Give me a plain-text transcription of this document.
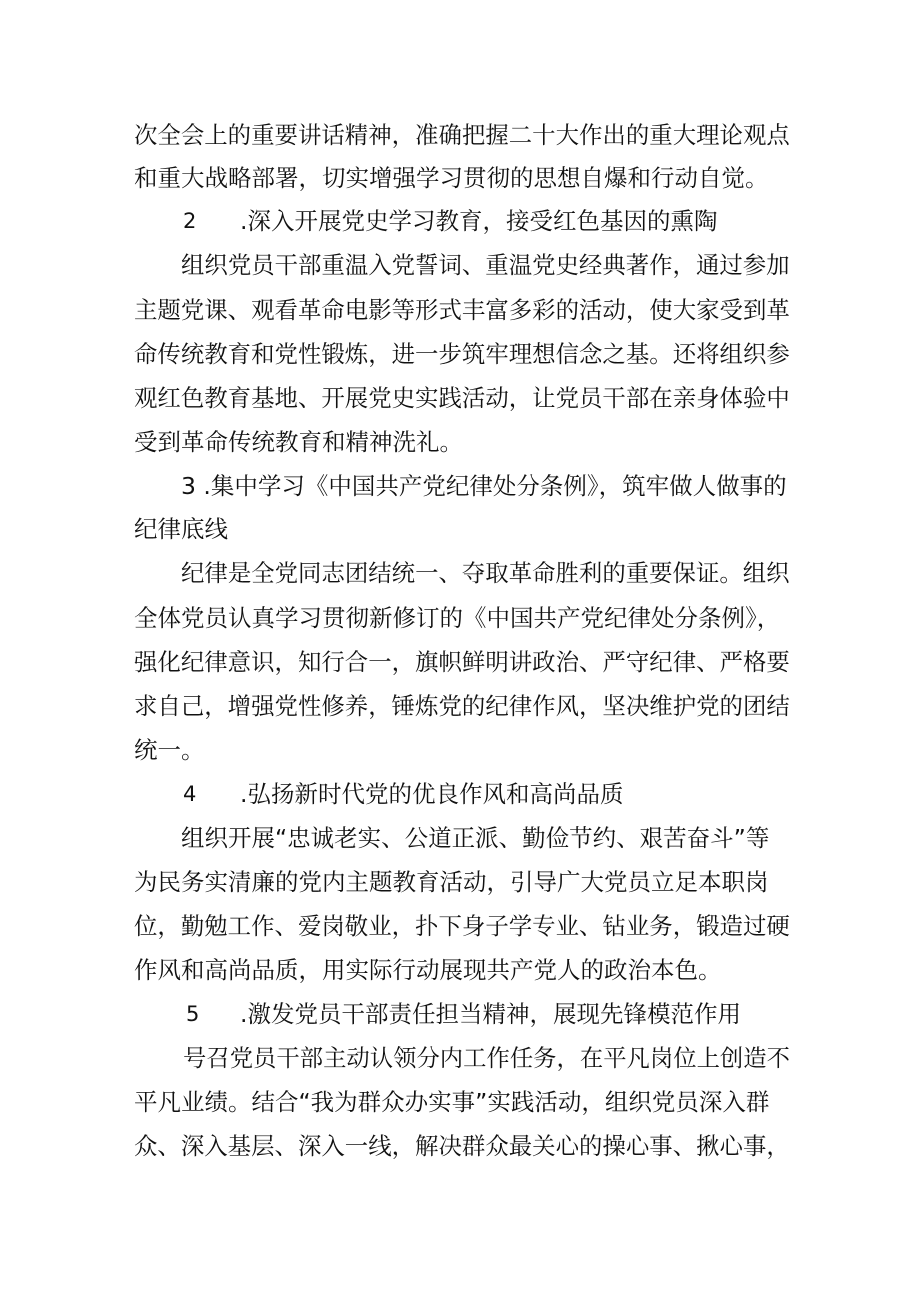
次全会上的重要讲话精神，准确把握二十大作出的重大理论观点
和重大战略部署，切实增强学习贯彻的思想自爆和行动自觉。
2 .深入开展党史学习教育，接受红色基因的熏陶
组织党员干部重温入党誓词、重温党史经典著作，通过参加
主题党课、观看革命电影等形式丰富多彩的活动，使大家受到革
命传统教育和党性锻炼，进一步筑牢理想信念之基。还将组织参
观红色教育基地、开展党史实践活动，让党员干部在亲身体验中
受到革命传统教育和精神洗礼。
3 .集中学习《中国共产党纪律处分条例》，筑牢做人做事的
纪律底线
纪律是全党同志团结统一、夺取革命胜利的重要保证。组织
全体党员认真学习贯彻新修订的《中国共产党纪律处分条例》，
强化纪律意识，知行合一，旗帜鲜明讲政治、严守纪律、严格要
求自己，增强党性修养，锤炼党的纪律作风，坚决维护党的团结
统一。
4 .弘扬新时代党的优良作风和高尚品质
组织开展“忠诚老实、公道正派、勤俭节约、艰苦奋斗”等
为民务实清廉的党内主题教育活动，引导广大党员立足本职岗
位，勤勉工作、爱岗敬业，扑下身子学专业、钻业务，锻造过硬
作风和高尚品质，用实际行动展现共产党人的政治本色。
5 .激发党员干部责任担当精神，展现先锋模范作用
号召党员干部主动认领分内工作任务，在平凡岗位上创造不
平凡业绩。结合“我为群众办实事”实践活动，组织党员深入群
众、深入基层、深入一线，解决群众最关心的操心事、揪心事，
